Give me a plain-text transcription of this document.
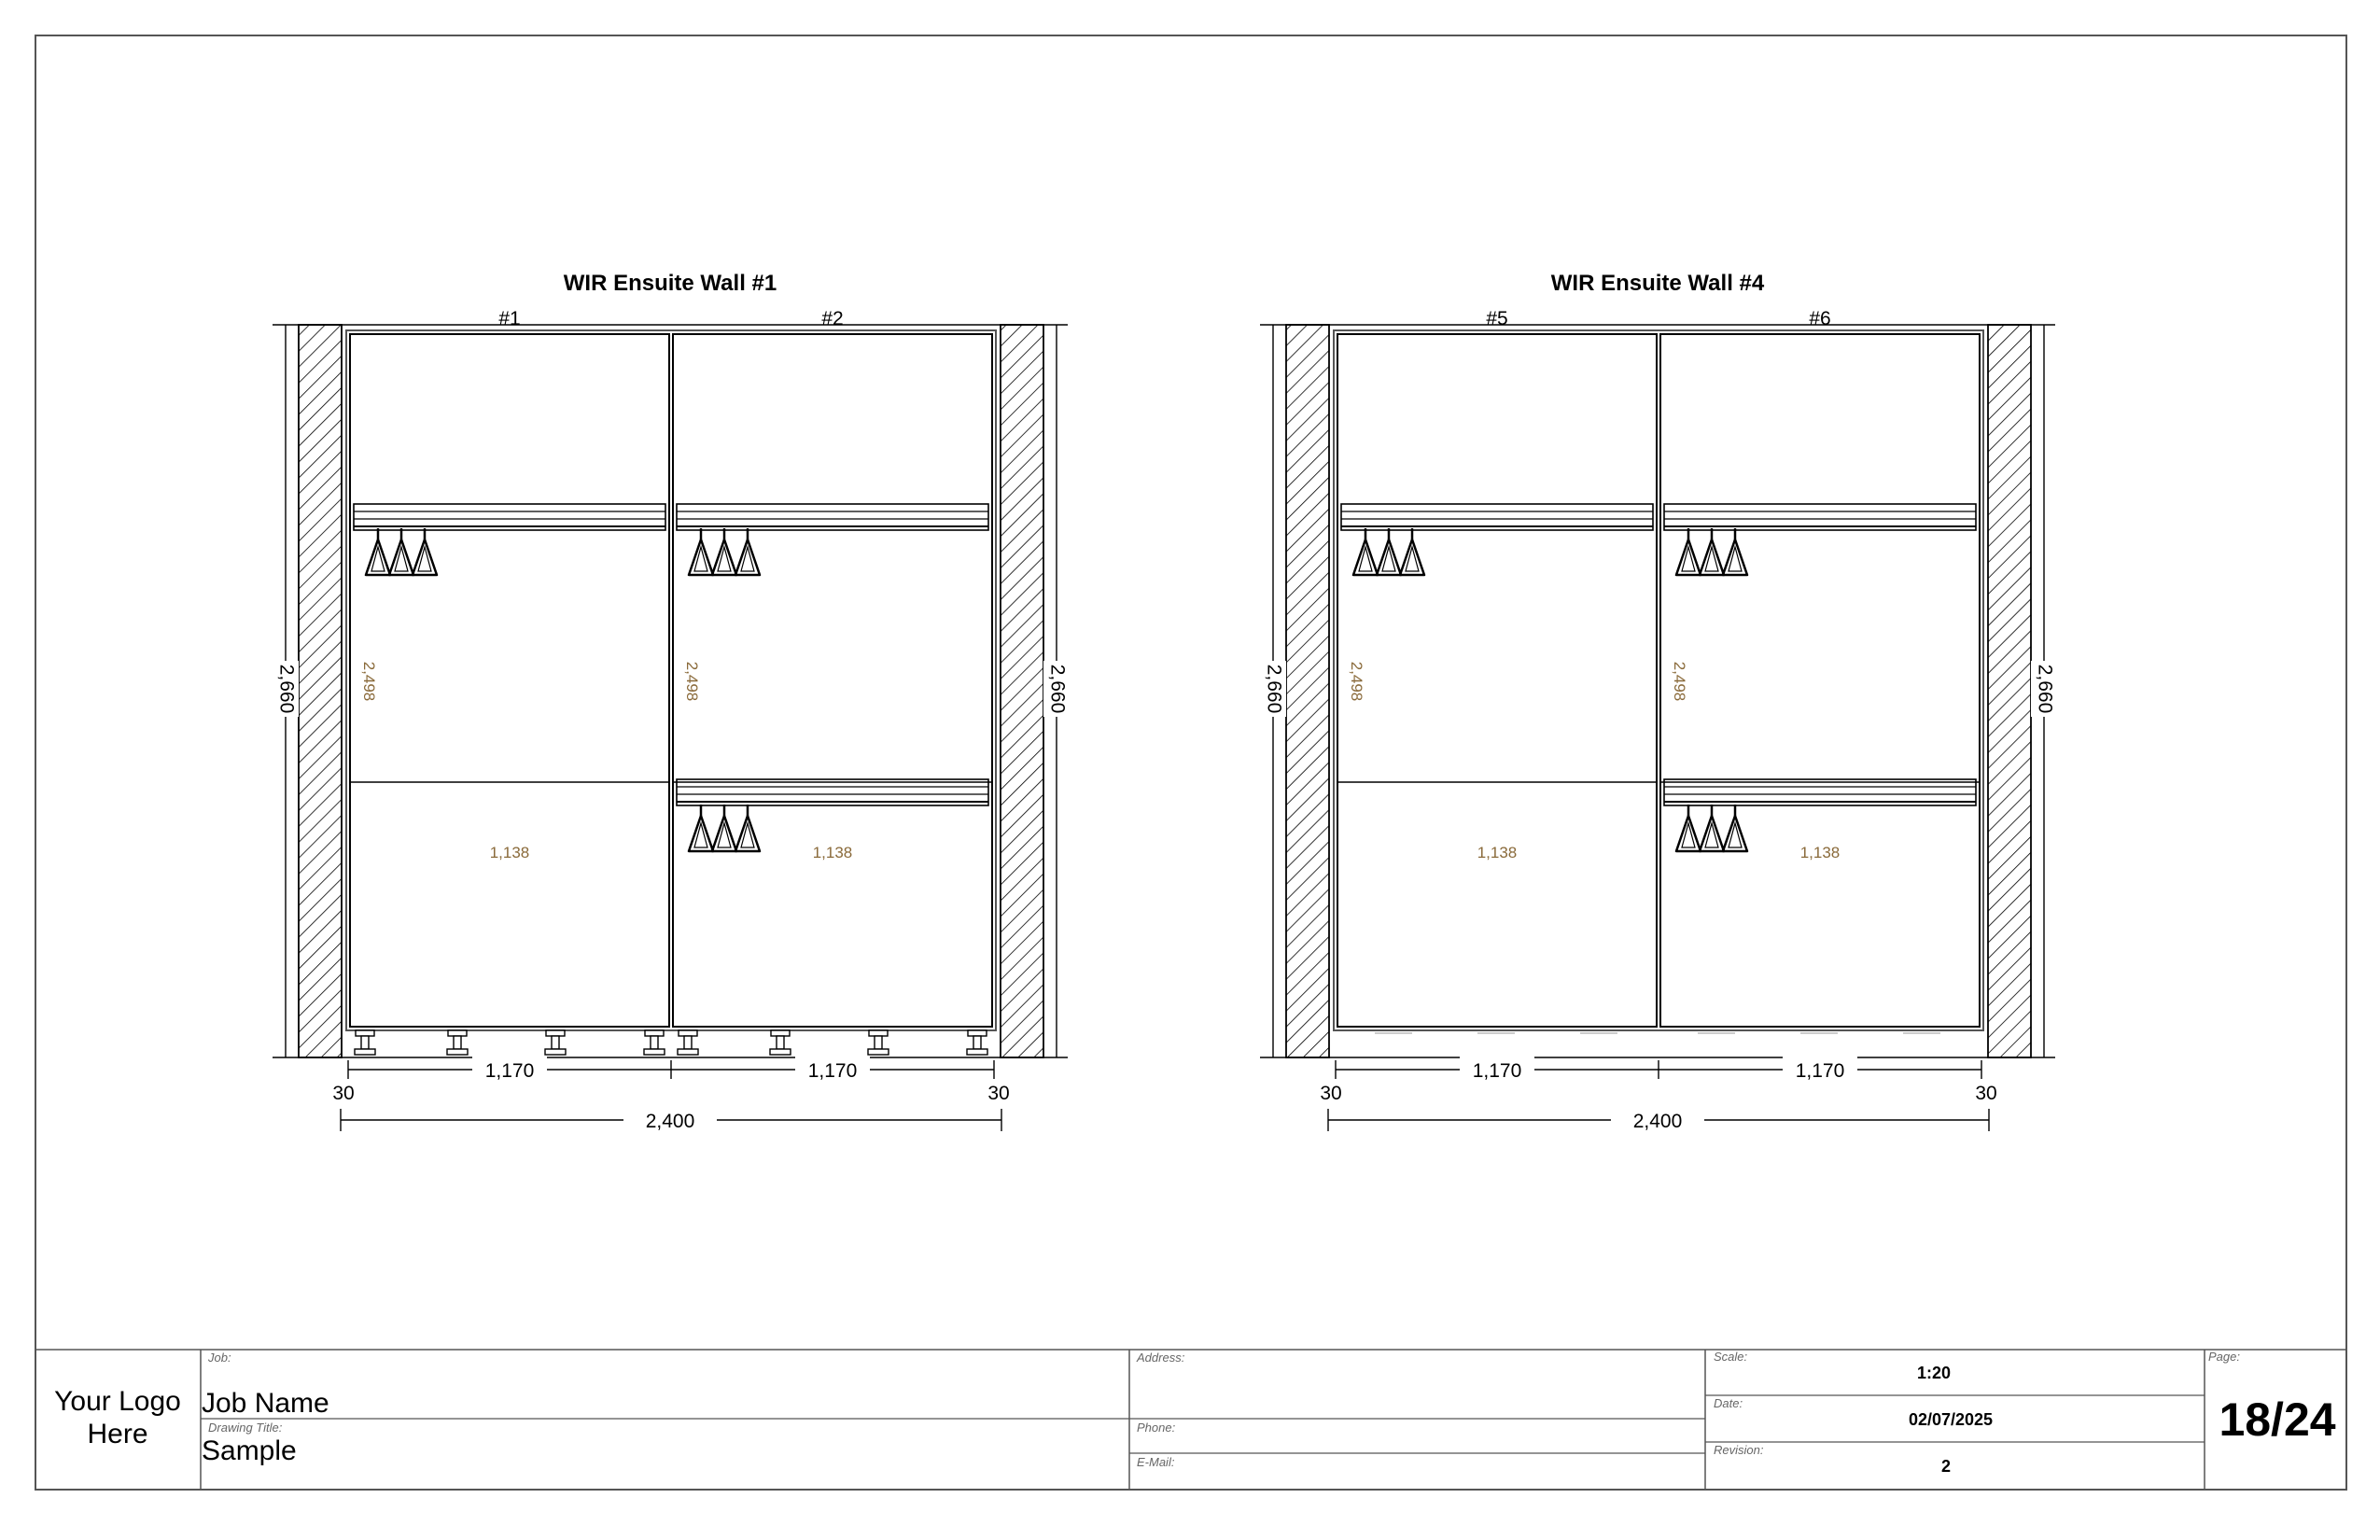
WIR Ensuite Wall #1
#1
2,498
1,138
#2
2,498
1,138
2,660	2,660
1,170	1,170
30	30
2,400
WIR Ensuite Wall #4
#5
2,498
1,138
#6
2,498
1,138
2,660	2,660
1,170	1,170
30	30
2,400
Your Logo
Here
Job:
Job Name
Drawing Title:
Sample
Address:
Phone:
E-Mail:
Scale:
1:20
Date:
02/07/2025
Revision:
2
Page:
18/24
